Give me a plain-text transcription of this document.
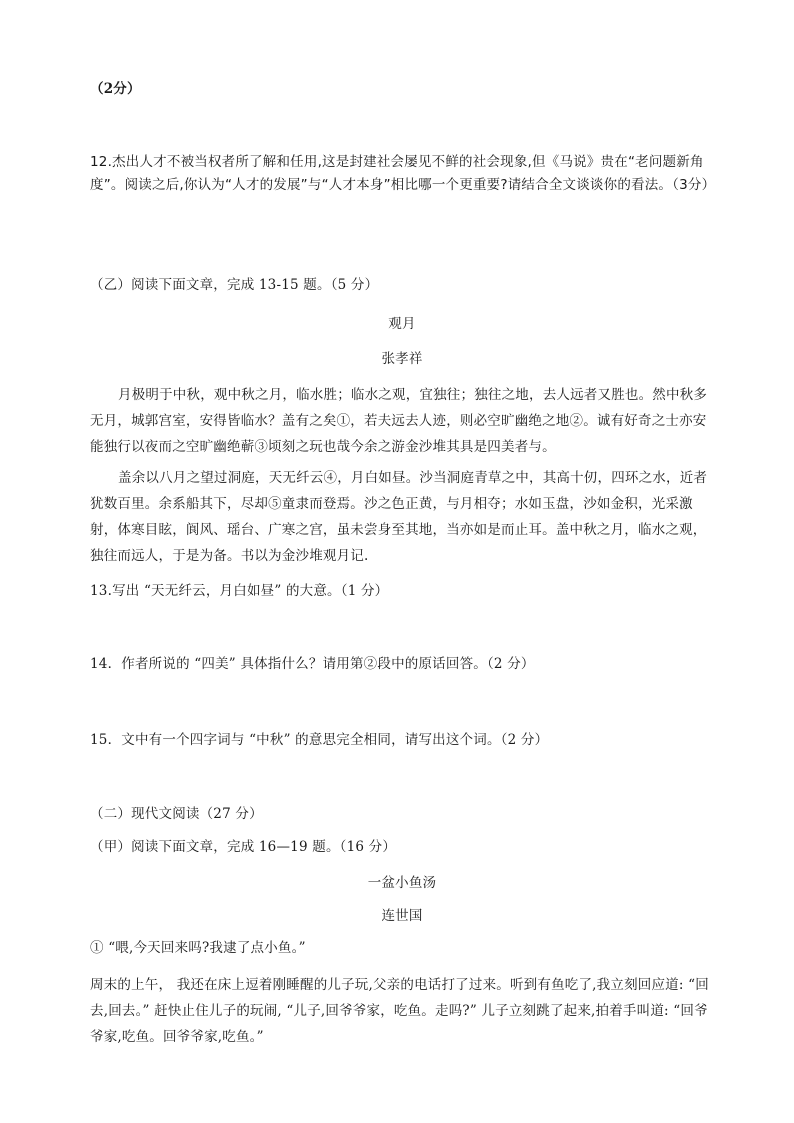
（2分）
12.杰出人才不被当权者所了解和任用,这是封建社会屡见不鲜的社会现象,但《马说》贵在“老问题新角度”。阅读之后,你认为“人才的发展”与“人才本身”相比哪一个更重要?请结合全文谈谈你的看法。（3分）
（乙）阅读下面文章，完成 13-15 题。（5 分）
观月
张孝祥
月极明于中秋，观中秋之月，临水胜；临水之观，宜独往；独往之地，去人远者又胜也。然中秋多无月，城郭宫室，安得皆临水？盖有之矣①，若夫远去人迹，则必空旷幽绝之地②。诚有好奇之士亦安能独行以夜而之空旷幽绝蕲③顷刻之玩也哉今余之游金沙堆其具是四美者与。
盖余以八月之望过洞庭，天无纤云④，月白如昼。沙当洞庭青草之中，其高十仞，四环之水，近者犹数百里。余系船其下，尽却⑤童隶而登焉。沙之色正黄，与月相夺；水如玉盘，沙如金积，光采激射，体寒目眩，阆风、瑶台、广寒之宫，虽未尝身至其地，当亦如是而止耳。盖中秋之月，临水之观，独往而远人，于是为备。书以为金沙堆观月记.
13.写出 “天无纤云，月白如昼” 的大意。（1 分）
14．作者所说的 “四美” 具体指什么？请用第②段中的原话回答。（2 分）
15．文中有一个四字词与 “中秋” 的意思完全相同，请写出这个词。（2 分）
（二）现代文阅读（27 分）
（甲）阅读下面文章，完成 16—19 题。（16 分）
一盆小鱼汤
连世国
① “喂,今天回来吗?我逮了点小鱼。”
周末的上午， 我还在床上逗着刚睡醒的儿子玩,父亲的电话打了过来。听到有鱼吃了,我立刻回应道: “回去,回去。” 赶快止住儿子的玩闹, “儿子,回爷爷家，吃鱼。走吗?” 儿子立刻跳了起来,拍着手叫道: “回爷爷家,吃鱼。回爷爷家,吃鱼。”
